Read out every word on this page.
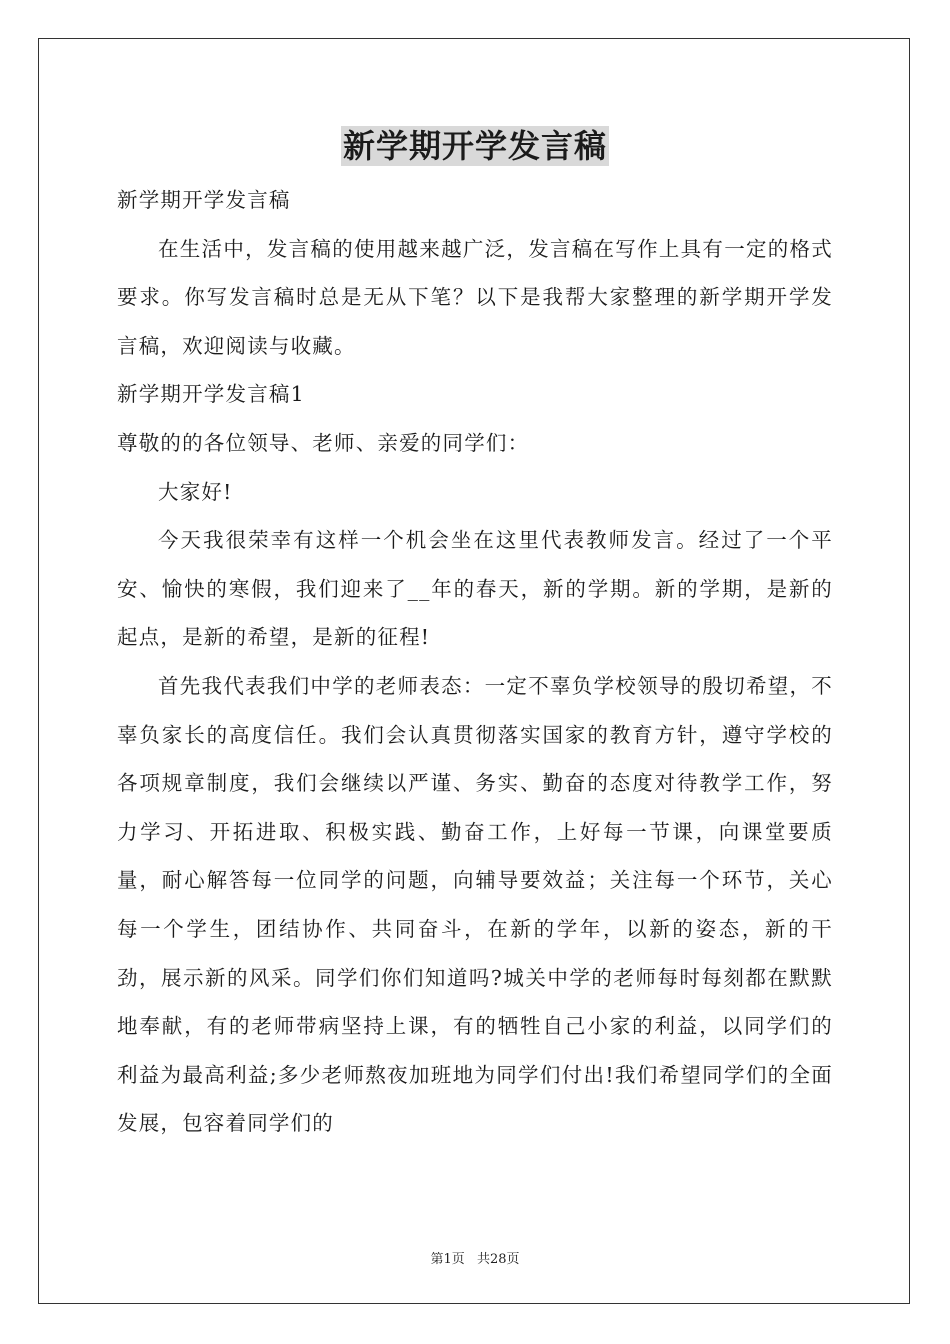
新学期开学发言稿

新学期开学发言稿

在生活中，发言稿的使用越来越广泛，发言稿在写作上具有一定的格式要求。你写发言稿时总是无从下笔？以下是我帮大家整理的新学期开学发言稿，欢迎阅读与收藏。

新学期开学发言稿1

尊敬的的各位领导、老师、亲爱的同学们：

大家好!

今天我很荣幸有这样一个机会坐在这里代表教师发言。经过了一个平安、愉快的寒假，我们迎来了__年的春天，新的学期。新的学期，是新的起点，是新的希望，是新的征程!

首先我代表我们中学的老师表态：一定不辜负学校领导的殷切希望，不辜负家长的高度信任。我们会认真贯彻落实国家的教育方针，遵守学校的各项规章制度，我们会继续以严谨、务实、勤奋的态度对待教学工作，努力学习、开拓进取、积极实践、勤奋工作，上好每一节课，向课堂要质量，耐心解答每一位同学的问题，向辅导要效益；关注每一个环节，关心每一个学生，团结协作、共同奋斗，在新的学年，以新的姿态，新的干劲，展示新的风采。同学们你们知道吗?城关中学的老师每时每刻都在默默地奉献，有的老师带病坚持上课，有的牺牲自己小家的利益，以同学们的利益为最高利益;多少老师熬夜加班地为同学们付出!我们希望同学们的全面发展，包容着同学们的

第1页 共28页
